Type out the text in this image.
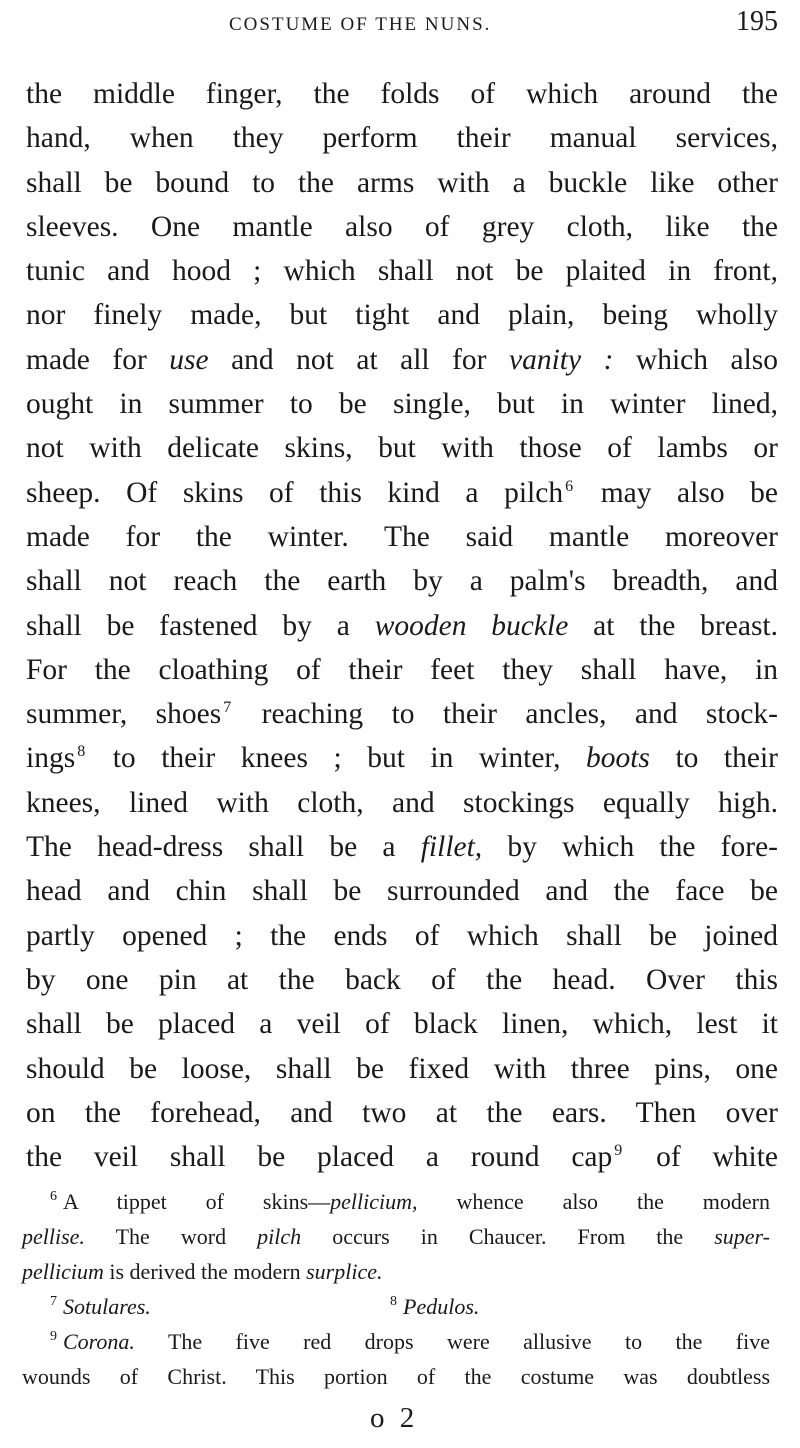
COSTUME OF THE NUNS.	195
the middle finger, the folds of which around the
hand, when they perform their manual services,
shall be bound to the arms with a buckle like other
sleeves. One mantle also of grey cloth, like the
tunic and hood ; which shall not be plaited in front,
nor finely made, but tight and plain, being wholly
made for use and not at all for vanity : which also
ought in summer to be single, but in winter lined,
not with delicate skins, but with those of lambs or
sheep. Of skins of this kind a pilch $^6$ may also be
made for the winter. The said mantle moreover
shall not reach the earth by a palm's breadth, and
shall be fastened by a wooden buckle at the breast.
For the cloathing of their feet they shall have, in
summer, shoes $^7$ reaching to their ancles, and stock-
ings $^8$ to their knees ; but in winter, boots to their
knees, lined with cloth, and stockings equally high.
The head-dress shall be a fillet, by which the fore-
head and chin shall be surrounded and the face be
partly opened ; the ends of which shall be joined
by one pin at the back of the head. Over this
shall be placed a veil of black linen, which, lest it
should be loose, shall be fixed with three pins, one
on the forehead, and two at the ears. Then over
the veil shall be placed a round cap $^9$ of white
$^6$ A tippet of skins—pellicium, whence also the modern
pellise. The word pilch occurs in Chaucer. From the super-
pellicium is derived the modern surplice.
$^7$ Sotulares.	$^8$ Pedulos.
$^9$ Corona. The five red drops were allusive to the five
wounds of Christ. This portion of the costume was doubtless
o 2
